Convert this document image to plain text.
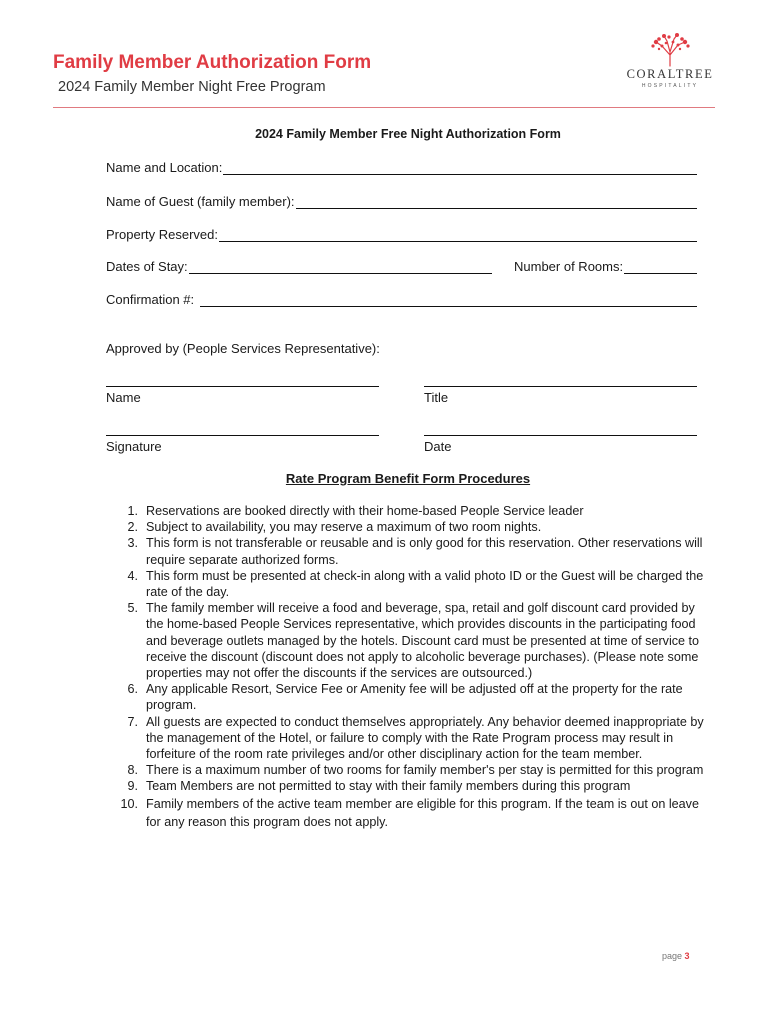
Family Member Authorization Form
2024 Family Member Night Free Program
CORALTREE
HOSPITALITY
2024 Family Member Free Night Authorization Form
Name and Location:
Name of Guest (family member):
Property Reserved:
Dates of Stay:	Number of Rooms:
Confirmation #:
Approved by (People Services Representative):
Name	Title
Signature	Date
Rate Program Benefit Form Procedures
1. Reservations are booked directly with their home-based People Service leader
2. Subject to availability, you may reserve a maximum of two room nights.
3. This form is not transferable or reusable and is only good for this reservation. Other reservations will require separate authorized forms.
4. This form must be presented at check-in along with a valid photo ID or the Guest will be charged the rate of the day.
5. The family member will receive a food and beverage, spa, retail and golf discount card provided by the home-based People Services representative, which provides discounts in the participating food and beverage outlets managed by the hotels. Discount card must be presented at time of service to receive the discount (discount does not apply to alcoholic beverage purchases). (Please note some properties may not offer the discounts if the services are outsourced.)
6. Any applicable Resort, Service Fee or Amenity fee will be adjusted off at the property for the rate program.
7. All guests are expected to conduct themselves appropriately. Any behavior deemed inappropriate by the management of the Hotel, or failure to comply with the Rate Program process may result in forfeiture of the room rate privileges and/or other disciplinary action for the team member.
8. There is a maximum number of two rooms for family member's per stay is permitted for this program
9. Team Members are not permitted to stay with their family members during this program
10. Family members of the active team member are eligible for this program. If the team is out on leave for any reason this program does not apply.
page 3
